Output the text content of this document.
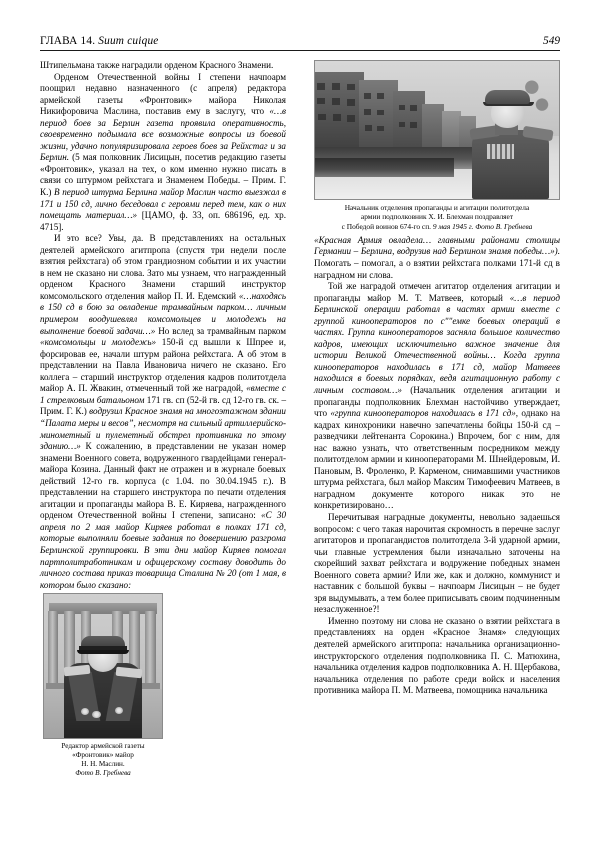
ГЛАВА 14. Suum cuique	549

Штипельмана также наградили орденом Красного Знамени.

Орденом Отечественной войны I степени начпоарм поощрил недавно назначенного (с апреля) редактора армейской газеты «Фронтовик» майора Николая Никифоровича Маслина, поставив ему в заслугу, что «…в период боев за Берлин газета проявила оперативность, своевременно подымала все возможные вопросы из боевой жизни, удачно популяризировала героев боев за Рейхстаг и за Берлин. (5 мая полковник Лисицын, посетив редакцию газеты «Фронтовик», указал на тех, о ком именно нужно писать в связи со штурмом рейхстага и Знаменем Победы. – Прим. Г. К.) В период штурма Берлина майор Маслин часто выезжал в 171 и 150 сд, лично беседовал с героями перед тем, как о них помещать материал…» [ЦАМО, ф. 33, оп. 686196, ед. хр. 4715].

И это все? Увы, да. В представлениях на остальных деятелей армейского агитпропа (спустя три недели после взятия рейхстага) об этом грандиозном событии и их участии в нем не сказано ни слова. Зато мы узнаем, что награжденный орденом Красного Знамени старший инструктор комсомольского отделения майор П. И. Едемский «…находясь в 150 сд в бою за овладение трамвайным парком… личным примером воодушевлял комсомольцев и молодежь на выполнение боевой задачи…» Но вслед за трамвайным парком «комсомольцы и молодежь» 150-й сд вышли к Шпрее и, форсировав ее, начали штурм района рейхстага. А об этом в представлении на Павла Ивановича ничего не сказано. Его коллега – старший инструктор отделения кадров политотдела майор А. П. Жвакин, отмеченный той же наградой, «вместе с 1 стрелковым батальоном 171 гв. сп (52-й гв. сд 12-го гв. ск. – Прим. Г. К.) водрузил Красное знамя на многоэтажном здании “Палата меры и весов”, несмотря на сильный артиллерийско-минометный и пулеметный обстрел противника по этому зданию…» К сожалению, в представлении не указан номер знамени Военного совета, водруженного гвардейцами генерал-майора Козина. Данный факт не отражен и в журнале боевых действий 12-го гв. корпуса (с 1.04. по 30.04.1945 г.). В представлении на старшего инструктора по печати отделения агитации и пропаганды майора В. Е. Киряева, награжденного орденом Отечественной войны I степени, записано: «С 30 апреля по 2 мая майор Киряев работал в полках 171 сд, которые выполняли боевые задания по довершению разгрома Берлинской группировки. В эти дни майор Киряев помогал партполитработникам и офицерскому составу доводить до личного состава приказ товарища Сталина № 20 (от 1 мая, в котором было сказано:

Редактор армейской газеты
«Фронтовик» майор
Н. Н. Маслин.
Фото В. Гребнева
Начальник отделения пропаганды и агитации политотдела
армии подполковник Х. И. Блехман поздравляет
с Победой воинов 674-го сп. 9 мая 1945 г. Фото В. Гребнева

«Красная Армия овладела… главными районами столицы Германии – Берлина, водрузив над Берлином знамя победы…»). Помогать – помогал, а о взятии рейхстага полками 171-й сд в наградном ни слова.

Той же наградой отмечен агитатор отделения агитации и пропаганды майор М. Т. Матвеев, который «…в период Берлинской операции работал в частях армии вместе с группой кинооператоров по сʺʺемке боевых операций в частях. Группа кинооператоров засняла большое количество кадров, имеющих исключительно важное значение для истории Великой Отечественной войны… Когда группа кинооператоров находилась в 171 сд, майор Матвеев находился в боевых порядках, ведя агитационную работу с личным составом…» (Начальник отделения агитации и пропаганды подполковник Блехман настойчиво утверждает, что «группа кинооператоров находилась в 171 сд», однако на кадрах кинохроники навечно запечатлены бойцы 150-й сд – разведчики лейтенанта Сорокина.) Впрочем, бог с ним, для нас важно узнать, что ответственным посредником между политотделом армии и кинооператорами М. Шнейдеровым, И. Пановым, В. Фроленко, Р. Карменом, снимавшими участников штурма рейхстага, был майор Максим Тимофеевич Матвеев, в наградном документе которого никак это не конкретизировано…

Перечитывая наградные документы, невольно задаешься вопросом: с чего такая нарочитая скромность в перечне заслуг агитаторов и пропагандистов политотдела 3-й ударной армии, чьи главные устремления были изначально заточены на скорейший захват рейхстага и водружение победных знамен Военного совета армии? Или же, как и должно, коммунист и наставник с большой буквы – начпоарм Лисицын – не будет зря выдумывать, а тем более приписывать своим подчиненным незаслуженное?!

Именно поэтому ни слова не сказано о взятии рейхстага в представлениях на орден «Красное Знамя» следующих деятелей армейского агитпропа: начальника организационно-инструкторского отделения подполковника П. С. Матюхина, начальника отделения кадров подполковника А. Н. Щербакова, начальника отделения по работе среди войск и населения противника майора П. М. Матвеева, помощника начальника
